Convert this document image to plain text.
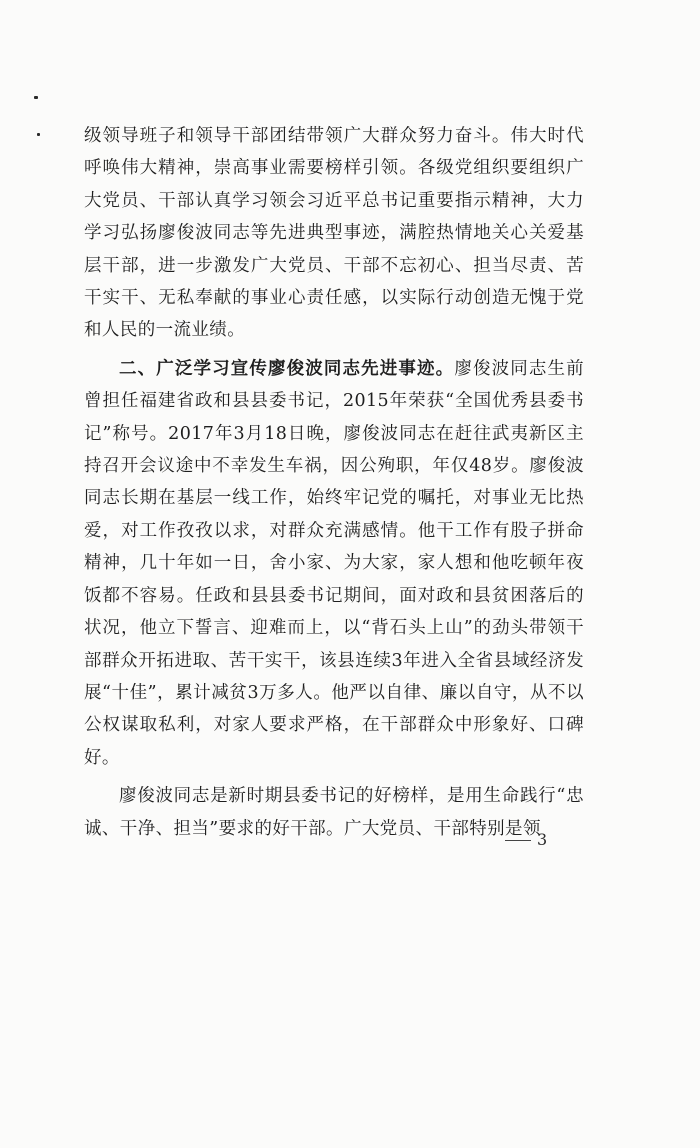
级领导班子和领导干部团结带领广大群众努力奋斗。伟大时代呼唤伟大精神，崇高事业需要榜样引领。各级党组织要组织广大党员、干部认真学习领会习近平总书记重要指示精神，大力学习弘扬廖俊波同志等先进典型事迹，满腔热情地关心关爱基层干部，进一步激发广大党员、干部不忘初心、担当尽责、苦干实干、无私奉献的事业心责任感，以实际行动创造无愧于党和人民的一流业绩。

二、广泛学习宣传廖俊波同志先进事迹。廖俊波同志生前曾担任福建省政和县县委书记，2015年荣获“全国优秀县委书记”称号。2017年3月18日晚，廖俊波同志在赶往武夷新区主持召开会议途中不幸发生车祸，因公殉职，年仅48岁。廖俊波同志长期在基层一线工作，始终牢记党的嘱托，对事业无比热爱，对工作孜孜以求，对群众充满感情。他干工作有股子拼命精神，几十年如一日，舍小家、为大家，家人想和他吃顿年夜饭都不容易。任政和县县委书记期间，面对政和县贫困落后的状况，他立下誓言、迎难而上，以“背石头上山”的劲头带领干部群众开拓进取、苦干实干，该县连续3年进入全省县域经济发展“十佳”，累计减贫3万多人。他严以自律、廉以自守，从不以公权谋取私利，对家人要求严格，在干部群众中形象好、口碑好。

廖俊波同志是新时期县委书记的好榜样，是用生命践行“忠诚、干净、担当”要求的好干部。广大党员、干部特别是领

3
